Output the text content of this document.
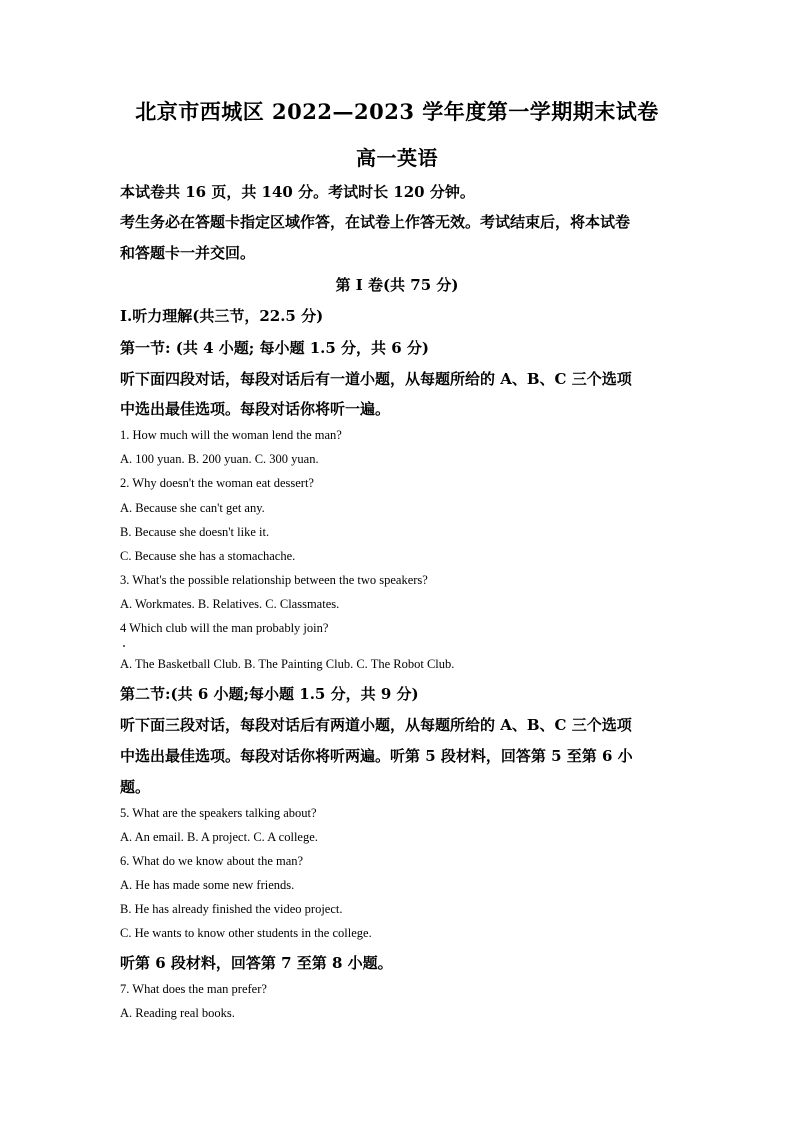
北京市西城区 2022—2023 学年度第一学期期末试卷
高一英语
本试卷共 16 页，共 140 分。考试时长 120 分钟。
考生务必在答题卡指定区域作答，在试卷上作答无效。考试结束后，将本试卷
和答题卡一并交回。
第 I 卷(共 75 分)
Ⅰ.听力理解(共三节，22.5 分)
第一节: (共 4 小题; 每小题 1.5 分，共 6 分)
听下面四段对话，每段对话后有一道小题，从每题所给的 A、B、C 三个选项
中选出最佳选项。每段对话你将听一遍。
1. How much will the woman lend the man?
A. 100 yuan. B. 200 yuan. C. 300 yuan.
2. Why doesn't the woman eat dessert?
A. Because she can't get any.
B. Because she doesn't like it.
C. Because she has a stomachache.
3. What's the possible relationship between the two speakers?
A. Workmates. B. Relatives. C. Classmates.
4 Which club will the man probably join?
A. The Basketball Club. B. The Painting Club. C. The Robot Club.
第二节:(共 6 小题;每小题 1.5 分，共 9 分)
听下面三段对话，每段对话后有两道小题，从每题所给的 A、B、C 三个选项
中选出最佳选项。每段对话你将听两遍。听第 5 段材料，回答第 5 至第 6 小
题。
5. What are the speakers talking about?
A. An email. B. A project. C. A college.
6. What do we know about the man?
A. He has made some new friends.
B. He has already finished the video project.
C. He wants to know other students in the college.
听第 6 段材料，回答第 7 至第 8 小题。
7. What does the man prefer?
A. Reading real books.
